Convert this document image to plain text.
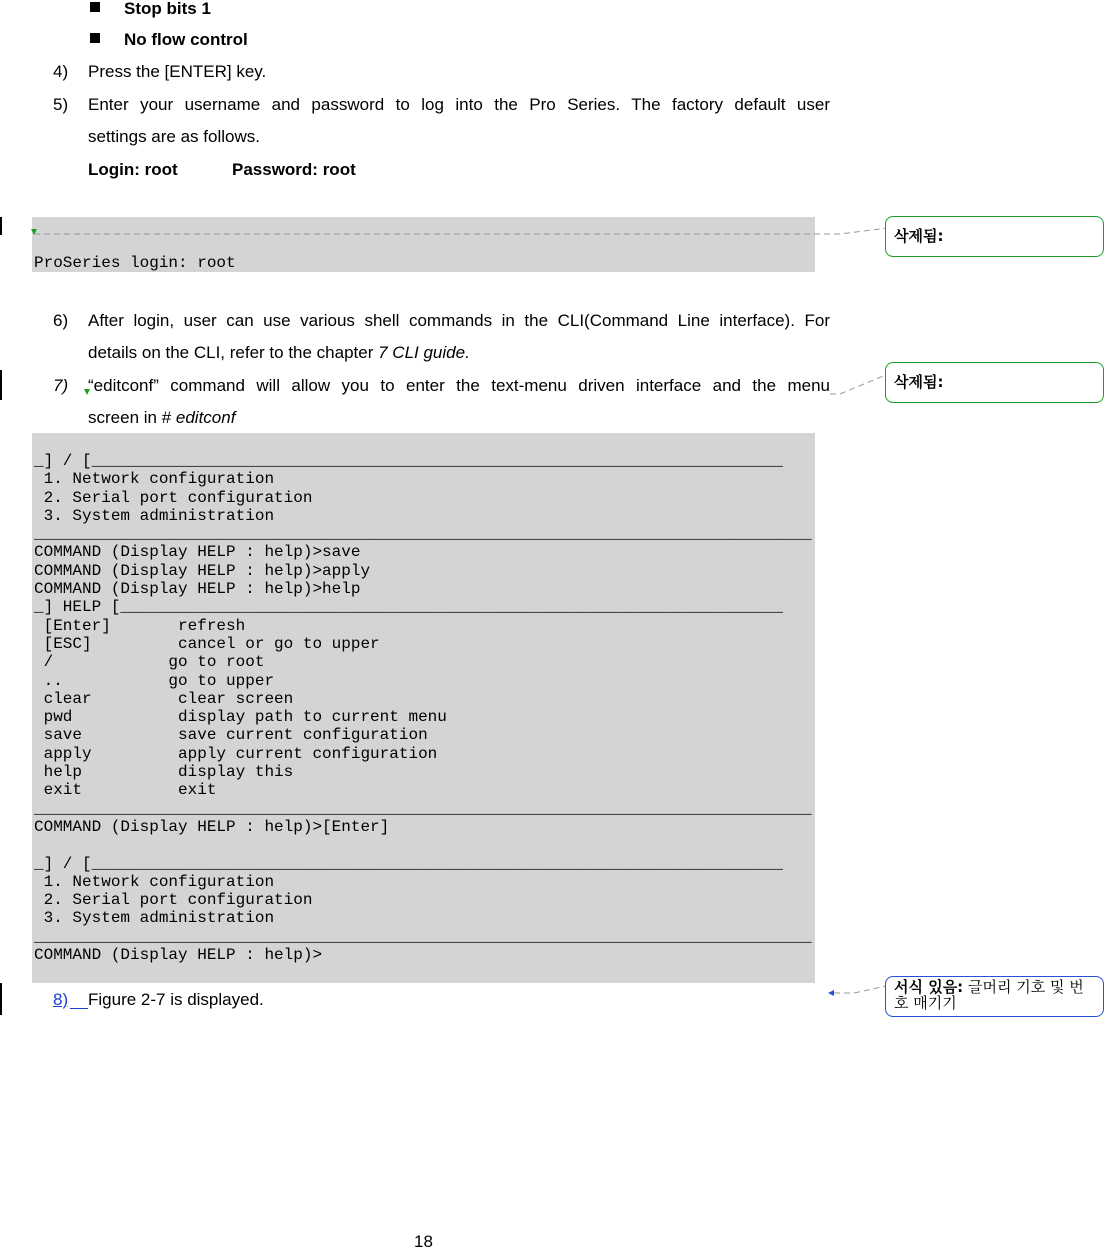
Stop bits 1
No flow control
4) Press the [ENTER] key.
5) Enter your username and password to log into the Pro Series. The factory default user
settings are as follows.
Login: root	Password: root

ProSeries login: root

삭제됨:
6) After login, user can use various shell commands in the CLI(Command Line interface). For
details on the CLI, refer to the chapter 7 CLI guide.
7) “editconf” command will allow you to enter the text-menu driven interface and the menu
screen in # editconf
삭제됨:
_] / [________________________________________________________________________
1. Network configuration
2. Serial port configuration
3. System administration
_________________________________________________________________________________
COMMAND (Display HELP : help)>save
COMMAND (Display HELP : help)>apply
COMMAND (Display HELP : help)>help
_] HELP [_____________________________________________________________________
[Enter]       refresh
[ESC]         cancel or go to upper
/            go to root
..           go to upper
clear         clear screen
pwd           display path to current menu
save          save current configuration
apply         apply current configuration
help          display this
exit          exit
_________________________________________________________________________________
COMMAND (Display HELP : help)>[Enter]
_] / [________________________________________________________________________
1. Network configuration
2. Serial port configuration
3. System administration
_________________________________________________________________________________
COMMAND (Display HELP : help)>
8) Figure 2-7 is displayed.
서식 있음: 글머리 기호 및 번호 매기기
18
